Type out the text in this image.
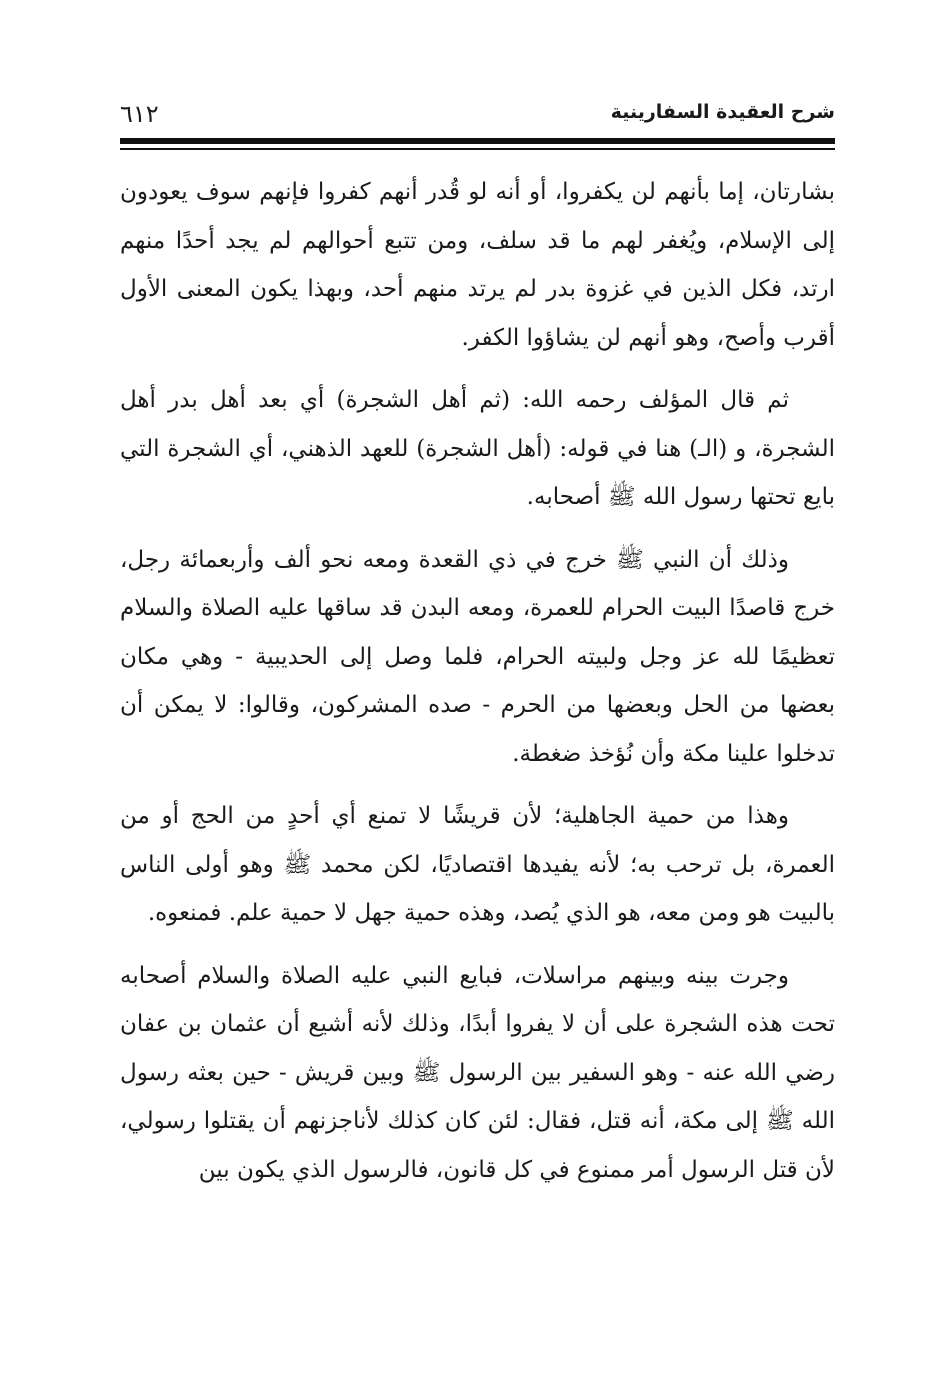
شرح العقيدة السفارينية
٦١٢

بشارتان، إما بأنهم لن يكفروا، أو أنه لو قُدر أنهم كفروا فإنهم سوف يعودون إلى الإسلام، ويُغفر لهم ما قد سلف، ومن تتبع أحوالهم لم يجد أحدًا منهم ارتد، فكل الذين في غزوة بدر لم يرتد منهم أحد، وبهذا يكون المعنى الأول أقرب وأصح، وهو أنهم لن يشاؤوا الكفر.

ثم قال المؤلف رحمه الله: (ثم أهل الشجرة) أي بعد أهل بدر أهل الشجرة، و (الـ) هنا في قوله: (أهل الشجرة) للعهد الذهني، أي الشجرة التي بايع تحتها رسول الله ﷺ أصحابه.

وذلك أن النبي ﷺ خرج في ذي القعدة ومعه نحو ألف وأربعمائة رجل، خرج قاصدًا البيت الحرام للعمرة، ومعه البدن قد ساقها عليه الصلاة والسلام تعظيمًا لله عز وجل ولبيته الحرام، فلما وصل إلى الحديبية - وهي مكان بعضها من الحل وبعضها من الحرم - صده المشركون، وقالوا: لا يمكن أن تدخلوا علينا مكة وأن نُؤخذ ضغطة.

وهذا من حمية الجاهلية؛ لأن قريشًا لا تمنع أي أحدٍ من الحج أو من العمرة، بل ترحب به؛ لأنه يفيدها اقتصاديًا، لكن محمد ﷺ وهو أولى الناس بالبيت هو ومن معه، هو الذي يُصد، وهذه حمية جهل لا حمية علم. فمنعوه.

وجرت بينه وبينهم مراسلات، فبايع النبي عليه الصلاة والسلام أصحابه تحت هذه الشجرة على أن لا يفروا أبدًا، وذلك لأنه أشيع أن عثمان بن عفان رضي الله عنه - وهو السفير بين الرسول ﷺ وبين قريش - حين بعثه رسول الله ﷺ إلى مكة، أنه قتل، فقال: لئن كان كذلك لأناجزنهم أن يقتلوا رسولي، لأن قتل الرسول أمر ممنوع في كل قانون، فالرسول الذي يكون بين
